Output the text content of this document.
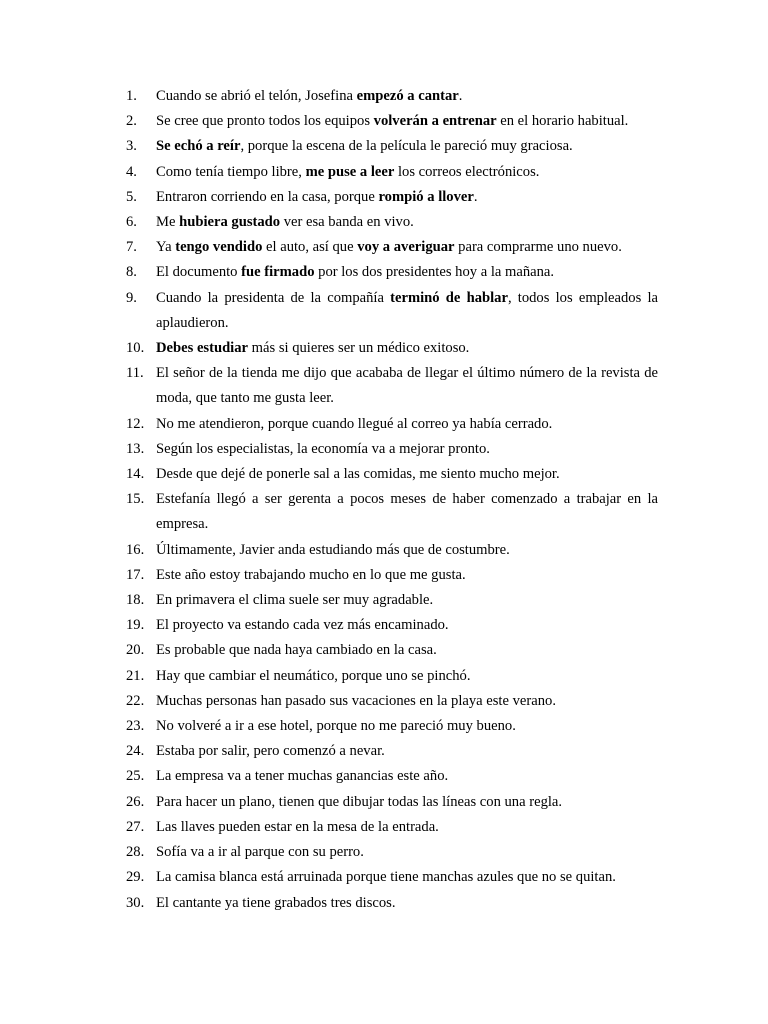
1.	Cuando se abrió el telón, Josefina empezó a cantar.
2.	Se cree que pronto todos los equipos volverán a entrenar en el horario habitual.
3.	Se echó a reír, porque la escena de la película le pareció muy graciosa.
4.	Como tenía tiempo libre, me puse a leer los correos electrónicos.
5.	Entraron corriendo en la casa, porque rompió a llover.
6.	Me hubiera gustado ver esa banda en vivo.
7.	Ya tengo vendido el auto, así que voy a averiguar para comprarme uno nuevo.
8.	El documento fue firmado por los dos presidentes hoy a la mañana.
9.	Cuando la presidenta de la compañía terminó de hablar, todos los empleados la aplaudieron.
10. Debes estudiar más si quieres ser un médico exitoso.
11. El señor de la tienda me dijo que acababa de llegar el último número de la revista de moda, que tanto me gusta leer.
12. No me atendieron, porque cuando llegué al correo ya había cerrado.
13. Según los especialistas, la economía va a mejorar pronto.
14. Desde que dejé de ponerle sal a las comidas, me siento mucho mejor.
15. Estefanía llegó a ser gerenta a pocos meses de haber comenzado a trabajar en la empresa.
16. Últimamente, Javier anda estudiando más que de costumbre.
17. Este año estoy trabajando mucho en lo que me gusta.
18. En primavera el clima suele ser muy agradable.
19. El proyecto va estando cada vez más encaminado.
20. Es probable que nada haya cambiado en la casa.
21. Hay que cambiar el neumático, porque uno se pinchó.
22. Muchas personas han pasado sus vacaciones en la playa este verano.
23. No volveré a ir a ese hotel, porque no me pareció muy bueno.
24. Estaba por salir, pero comenzó a nevar.
25. La empresa va a tener muchas ganancias este año.
26. Para hacer un plano, tienen que dibujar todas las líneas con una regla.
27. Las llaves pueden estar en la mesa de la entrada.
28. Sofía va a ir al parque con su perro.
29. La camisa blanca está arruinada porque tiene manchas azules que no se quitan.
30. El cantante ya tiene grabados tres discos.
